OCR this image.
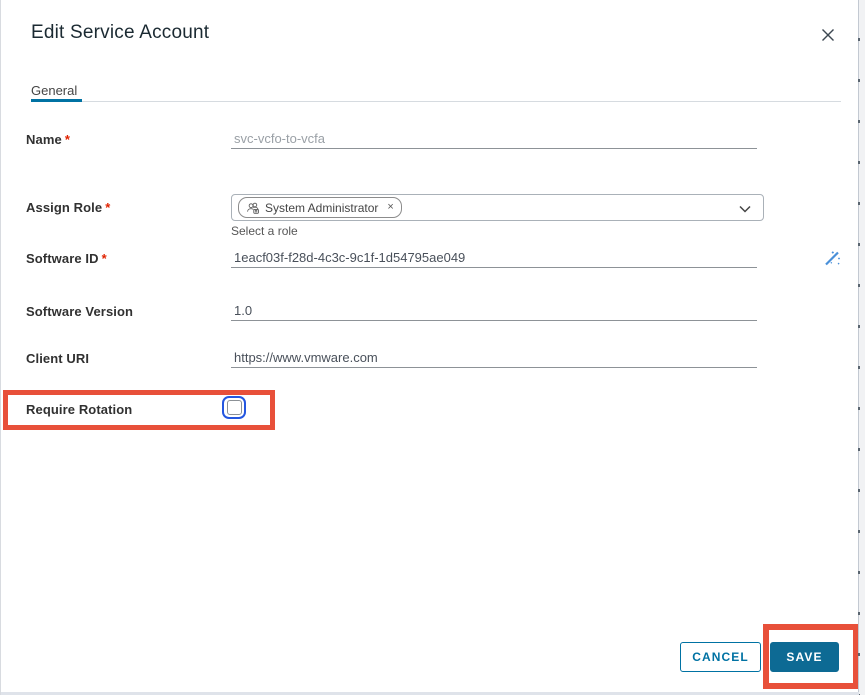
Edit Service Account
General
Name *	svc-vcfo-to-vcfa
Assign Role *	System Administrator ×
Select a role
Software ID *	1eacf03f-f28d-4c3c-9c1f-1d54795ae049
Software Version	1.0
Client URI	https://www.vmware.com
Require Rotation
CANCEL	SAVE
